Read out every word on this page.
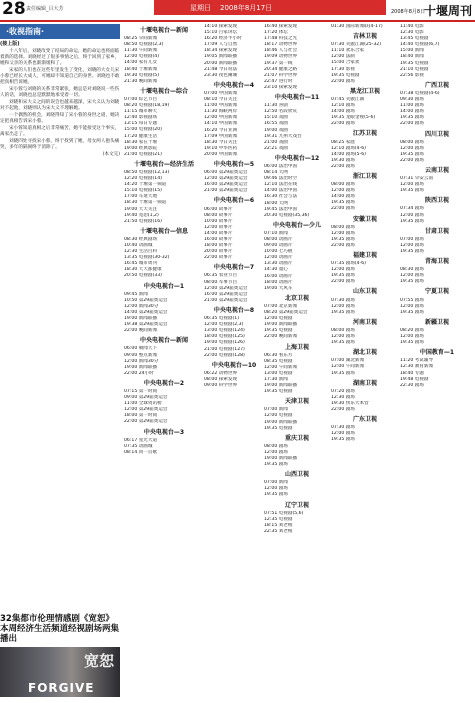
28 责任编辑_吕大芳	星期日 2008年8月17日	2008年8月8日
十堰周刊
·收视指南·
(接上版)
十八年后，刘晓改变了结局的命运，她的命运也将面临着新的选择。刘晓经过了很多事情之后，终于回到了家乡，她和父亲的关系也渐渐缓和了。
宋家的人们也在这些年里发生了变化，刘晓的大女儿宋小蓉已经长大成人，可她却不知道自己的身世。刘晓也不敢把真相告诉她。
宋小蓉与刘晓的关系非常紧张，她总是对刘晓说一些伤人的话，刘晓也总是默默地承受着一切。
刘晓和宋大义之间的误会也越来越深，宋大义认为刘晓对不起他，刘晓则认为宋大义不理解她。
一个偶然的机会，刘晓得知了宋小蓉的身世之谜，她决定把真相告诉宋小蓉。
宋小蓉知道真相之后非常痛苦，她不能接受这个事实，离家出走了。
刘晓四处寻找宋小蓉，终于找到了她，母女两人抱头痛哭，多年的隔阂终于消除了。
(本文完)
32集都市伦理情感剧《宽恕》本周经济生活频道经视剧场两集播出
宽恕
FORGIVE
十堰电视台—新闻
08:25 早间新闻
08:50 电视剧(2,3)
11:30 午间新闻
12:00 电视剧(4)
14:00 家有儿女
18:40 十堰新闻
19:30 电视剧(5)
21:30 晚间新闻
十堰电视台—综合
07:00 综艺节目
08:20 电视剧(18,19)
11:15 城市聊天
12:40 影视剧场
13:15 每日专题
15:00 电视剧(20)
17:20 健康生活
18:30 家在十堰
19:00 经典影院
21:00 电视剧(21)
十堰电视台—经济生活
08:50 电视剧(12,13)
12:20 电视剧(14)
14:20 十堰第一频道
15:10 电视剧(15)
17:00 车迷天地
18:30 十堰第一频道
19:00 天天关注
19:40 宽恕(1,2)
21:50 电视剧(16)
十堰电视台—信息
08:30 经典剧场
10:40 动画城
12:30 生活百科
13:35 电视剧(30-32)
16:45 城市周刊
18:30 天天都健康
20:50 电视剧(33)
中央电视台—1
09:45 新闻
10:50 第29届奥运会
12:00 新闻30分
14:00 第29届奥运会
19:00 新闻联播
19:38 第29届奥运会
22:00 晚间新闻
中央电视台—新闻
06:00 朝闻天下
09:00 整点新闻
12:00 新闻30分
19:00 新闻联播
22:00 24小时
中央电视台—2
07:15 第一时间
09:00 第29届奥运会
11:00 全球资讯榜
12:00 第29届奥运会
18:00 第一时间
22:00 第29届奥运会
中央电视台—3
06:17 星光大道
07:35 动画城
08:14 同一首歌
14:10 探索发现
15:10 百家讲坛
16:20 经济半小时
17:09 人与自然
18:34 探索发现
19:05 新闻联播
20:00 新闻联播
21:48 今日说法
23:30 夜色阑珊
中央电视台—4
07:00 中国新闻
08:10 今日关注
11:00 中国新闻
11:30 海峡两岸
12:00 中国新闻
14:10 中国新闻
16:20 今日亚洲
17:09 中国新闻
18:30 今日关注
19:10 中华医药
20:00 中国新闻
中央电视台—5
06:00 第29届奥运会
12:00 第29届奥运会
16:00 第29届奥运会
21:00 第29届奥运会
中央电视台—6
06:00 故事片
08:00 故事片
10:00 故事片
12:00 故事片
14:00 故事片
16:00 故事片
18:00 故事片
20:00 故事片
22:00 故事片
中央电视台—7
06:35 农业节目
08:00 军事节目
12:00 第29届奥运会
16:00 第29届奥运会
21:00 第29届奥运会
中央电视台—8
06:35 电视剧(1)
12:00 电视剧(2,3)
13:00 电视剧(124)
18:00 电视剧(125)
19:00 电视剧(126)
21:00 电视剧(127)
22:00 电视剧(128)
中央电视台—10
06:22 动物世界
08:00 探索发现
09:00 科学世界
16:40 探索发现
17:20 体坛
17:48 科技之光
18:17 动物世界
18:46 人与社会
19:09 动物世界
19:37 第一线
20:34 健康之路
21:07 科学世界
22:47 进行时
23:10 探索发现
中央电视台—11
11:30 喜剧
12:50 名段欣赏
15:10 戏曲
16:55 戏曲
19:00 戏曲
19:31 九州大戏台
21:00 戏曲
22:21 戏曲
中央电视台—12
06:00 法治中国
08:14 天网
09:46 法治时空
12:10 法治在线
14:00 法治中国
16:30 社会与法
18:00 天网
19:45 法治中国
20:30 电视剧(35,36)
中央电视台—少儿
07:10 新闻
08:00 动画片
09:00 动画片
10:00 七巧板
12:00 动画片
13:30 动画片
14:30 童心
16:00 动画片
18:00 动画片
19:00 大风车
北京卫视
07:00 北京新闻
08:20 第29届奥运会
12:00 电视剧
19:00 新闻联播
19:35 电视剧
22:00 晚间新闻
上海卫视
06:30 看东方
08:35 电视剧
12:00 午间新闻
13:00 电视剧
17:30 新闻
19:00 新闻联播
19:35 电视剧
天津卫视
07:00 新闻
12:00 电视剧
19:00 新闻联播
19:35 电视剧
重庆卫视
08:00 剧场
12:00 剧场
19:00 新闻联播
19:35 剧场
山西卫视
07:00 新闻
12:00 剧场
19:35 剧场
辽宁卫视
07:51 电视剧(5,6)
12:35 电视剧
18:15 刘老根
22:35 刘老根
01:30 国际新闻联(4-17)
吉林卫视
07:30 笑傲江湖(25-32)
11:10 欢乐合家
12:00 法制
15:00 合家欢
17:30 影视
19:35 电视剧
22:00 剧场
黑龙江卫视
07:45 笑傲江湖
12:10 剧场
14:00 剧场
19:35 龙眼金视(5-6)
22:00 剧场
江苏卫视
08:25 家庭
12:10 剧场(4-6)
14:00 剧场(5-6)
19:30 剧场
22:00 剧场
浙江卫视
08:00 剧场
12:00 剧场
14:00 剧场
19:35 剧场
22:00 剧场
安徽卫视
08:00 剧场
12:00 剧场
19:35 剧场
22:00 剧场
福建卫视
07:35 剧场(4-6)
12:00 剧场
19:35 剧场
22:00 剧场
山东卫视
07:30 剧场
12:00 剧场
19:35 剧场
河南卫视
08:00 剧场
12:00 剧场
19:35 剧场
湖北卫视
07:00 湖北新闻
12:00 午间新闻
19:35 剧场
湖南卫视
07:20 剧场
12:30 剧场
19:30 快乐大本营
22:00 剧场
广东卫视
07:30 剧场
12:00 剧场
19:35 剧场
11:40 电影
12:30 电影
13:45 电视剧
14:40 电视剧(6,7)
15:00 新闻
18:40 新闻
19:35 电视剧
21:10 电视剧
22:56 影视
广西卫视
07:38 电视剧(4-6)
09:30 剧场
11:00 剧场
14:00 剧场
19:35 剧场
22:00 剧场
四川卫视
08:00 剧场
12:00 剧场
19:35 剧场
22:00 剧场
云南卫视
07:31 早安云南
12:00 剧场
19:35 剧场
陕西卫视
07:34 剧场
12:00 剧场
19:35 剧场
甘肃卫视
07:00 剧场
12:00 剧场
19:35 剧场
青海卫视
08:30 剧场
12:00 剧场
19:35 剧场
宁夏卫视
07:55 剧场
12:00 剧场
19:35 剧场
新疆卫视
08:20 剧场
12:00 剧场
19:35 剧场
中国教育—1
11:20 考试辅导
12:30 教育新闻
18:40 专题
19:48 电视剧
22:30 剧场
